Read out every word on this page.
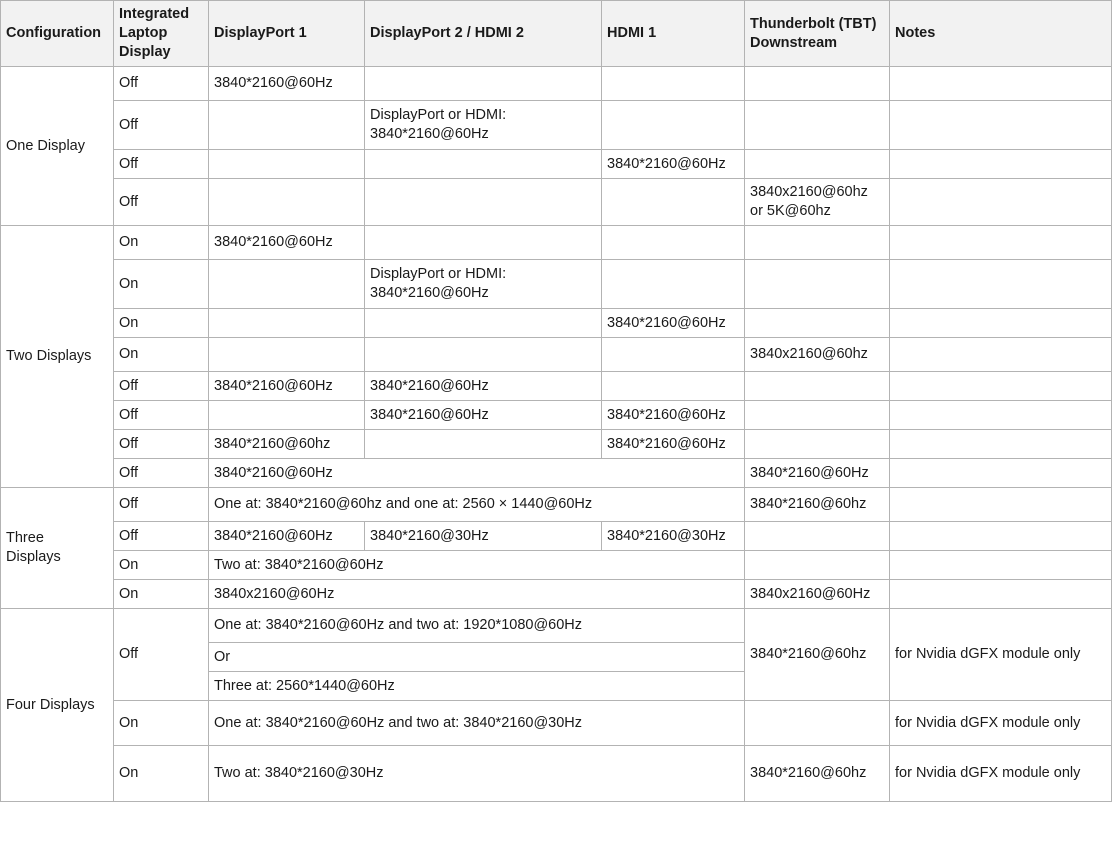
Configuration	Integrated
Laptop
Display	DisplayPort 1	DisplayPort 2 / HDMI 2	HDMI 1	Thunderbolt (TBT)
Downstream	Notes
One Display	Off	3840*2160@60Hz				
	Off		DisplayPort or HDMI:
3840*2160@60Hz			

	Off			3840*2160@60Hz		
	Off				3840x2160@60hz
or 5K@60hz	

Two Displays	On	3840*2160@60Hz				
	On		DisplayPort or HDMI:
3840*2160@60Hz			

	On			3840*2160@60Hz		
	On				3840x2160@60hz	
	Off	3840*2160@60Hz	3840*2160@60Hz			
	Off		3840*2160@60Hz	3840*2160@60Hz		
	Off	3840*2160@60hz		3840*2160@60Hz		
	Off	3840*2160@60Hz			3840*2160@60Hz	

Three
Displays	Off	One at: 3840*2160@60hz and one at: 2560 × 1440@60Hz			3840*2160@60hz	
	Off	3840*2160@60Hz	3840*2160@30Hz	3840*2160@30Hz		
	On	Two at: 3840*2160@60Hz				
	On	3840x2160@60Hz			3840x2160@60Hz	
Four Displays	Off	One at: 3840*2160@60Hz and two at: 1920*1080@60Hz			3840*2160@60hz	for Nvidia dGFX module only
		Or				
		Three at: 2560*1440@60Hz				
	On	One at: 3840*2160@60Hz and two at: 3840*2160@30Hz				for Nvidia dGFX module only
	On	Two at: 3840*2160@30Hz			3840*2160@60hz	for Nvidia dGFX module only
